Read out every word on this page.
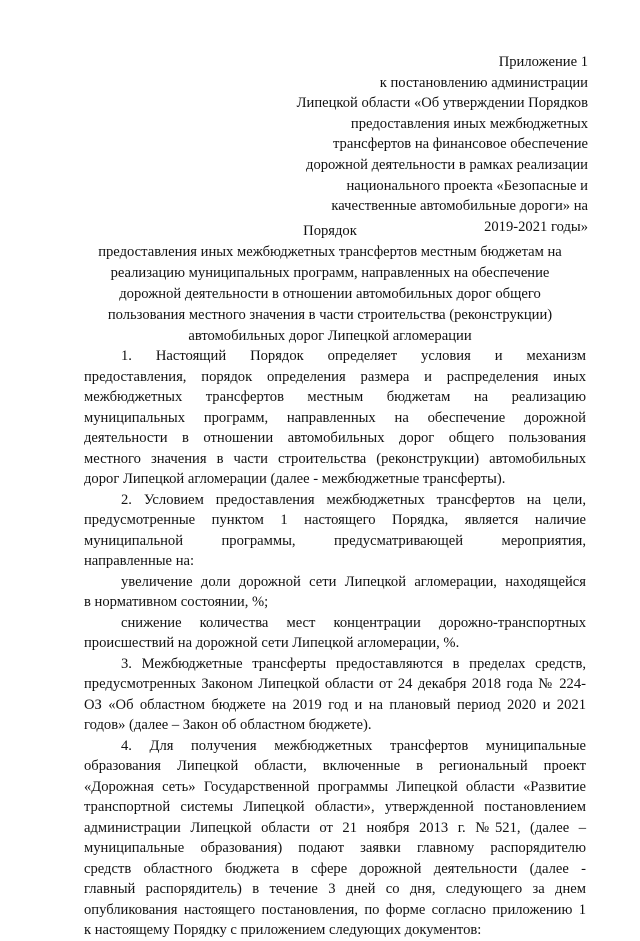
Приложение 1
к постановлению администрации
Липецкой области «Об утверждении Порядков
предоставления иных межбюджетных
трансфертов на финансовое обеспечение
дорожной деятельности в рамках реализации
национального проекта «Безопасные и
качественные автомобильные дороги» на
2019-2021 годы»
Порядок
предоставления иных межбюджетных трансфертов местным бюджетам на
реализацию муниципальных программ, направленных на обеспечение
дорожной деятельности в отношении автомобильных дорог общего
пользования местного значения в части строительства (реконструкции)
автомобильных дорог Липецкой агломерации
1. Настоящий Порядок определяет условия и механизм
предоставления, порядок определения размера и распределения иных
межбюджетных трансфертов местным бюджетам на реализацию
муниципальных программ, направленных на обеспечение дорожной
деятельности в отношении автомобильных дорог общего пользования
местного значения в части строительства (реконструкции) автомобильных
дорог Липецкой агломерации (далее - межбюджетные трансферты).
2. Условием предоставления межбюджетных трансфертов на цели,
предусмотренные пунктом 1 настоящего Порядка, является наличие
муниципальной программы, предусматривающей мероприятия,
направленные на:
увеличение доли дорожной сети Липецкой агломерации, находящейся
в нормативном состоянии, %;
снижение количества мест концентрации дорожно-транспортных
происшествий на дорожной сети Липецкой агломерации, %.
3. Межбюджетные трансферты предоставляются в пределах средств,
предусмотренных Законом Липецкой области от 24 декабря 2018 года № 224-
ОЗ «Об областном бюджете на 2019 год и на плановый период 2020 и 2021
годов» (далее – Закон об областном бюджете).
4. Для получения межбюджетных трансфертов муниципальные
образования Липецкой области, включенные в региональный проект
«Дорожная сеть» Государственной программы Липецкой области «Развитие
транспортной системы Липецкой области», утвержденной постановлением
администрации Липецкой области от 21 ноября 2013 г. №521, (далее –
муниципальные образования) подают заявки главному распорядителю
средств областного бюджета в сфере дорожной деятельности (далее -
главный распорядитель) в течение 3 дней со дня, следующего за днем
опубликования настоящего постановления, по форме согласно приложению 1
к настоящему Порядку с приложением следующих документов:
